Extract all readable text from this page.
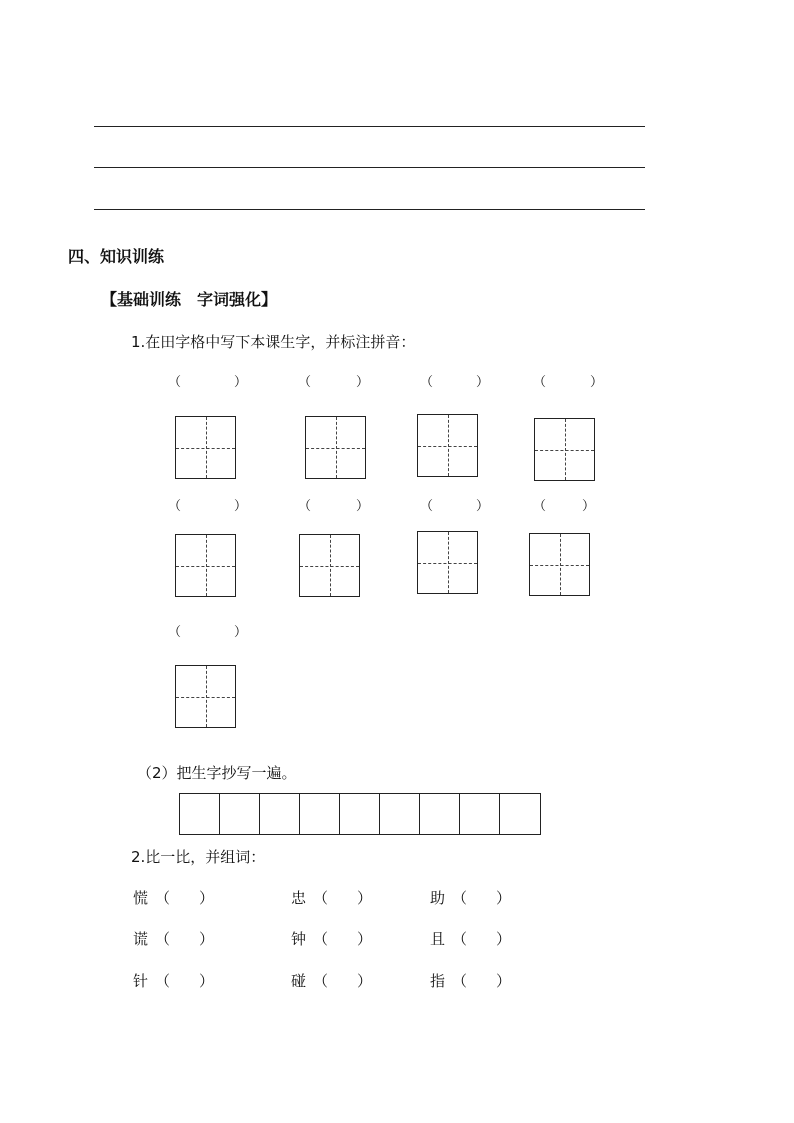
四、知识训练
【基础训练　字词强化】
1.在田字格中写下本课生字，并标注拼音：
（	）	（	）	（	）	（	）
（	）	（	）	（	）	（	）
（	）
（2）把生字抄写一遍。
2.比一比，并组词：
慌 （ ）	忠 （ ）	助 （ ）
谎 （ ）	钟 （ ）	且 （ ）
针 （ ）	碰 （ ）	指 （ ）
